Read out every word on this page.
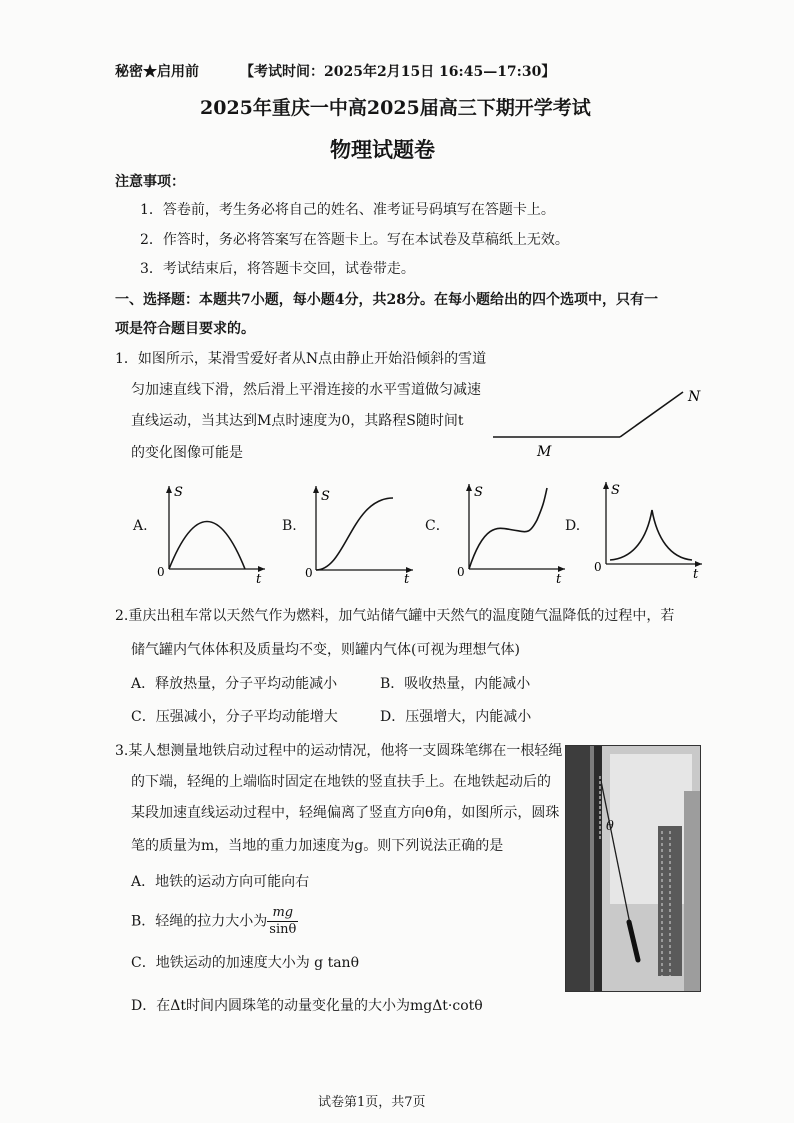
秘密★启用前	【考试时间：2025年2月15日 16:45—17:30】
2025年重庆一中高2025届高三下期开学考试
物理试题卷
注意事项：
1．答卷前，考生务必将自己的姓名、准考证号码填写在答题卡上。
2．作答时，务必将答案写在答题卡上。写在本试卷及草稿纸上无效。
3．考试结束后，将答题卡交回，试卷带走。
一、选择题：本题共7小题，每小题4分，共28分。在每小题给出的四个选项中，只有一
项是符合题目要求的。
1．如图所示，某滑雪爱好者从N点由静止开始沿倾斜的雪道
匀加速直线下滑，然后滑上平滑连接的水平雪道做匀减速
直线运动，当其达到M点时速度为0，其路程S随时间t
的变化图像可能是
N
M
A.
S
t
0
B.
S
t
0
C．
S
t
0
D.
S
t
0
2.重庆出租车常以天然气作为燃料，加气站储气罐中天然气的温度随气温降低的过程中，若
储气罐内气体体积及质量均不变，则罐内气体(可视为理想气体)
A．释放热量，分子平均动能减小	B．吸收热量，内能减小
C．压强减小，分子平均动能增大	D．压强增大，内能减小
3.某人想测量地铁启动过程中的运动情况，他将一支圆珠笔绑在一根轻绳
的下端，轻绳的上端临时固定在地铁的竖直扶手上。在地铁起动后的
某段加速直线运动过程中，轻绳偏离了竖直方向θ角，如图所示，圆珠
笔的质量为m，当地的重力加速度为g。则下列说法正确的是
A．地铁的运动方向可能向右
B．轻绳的拉力大小为 $\frac{mg}{\sin\theta}$
C．地铁运动的加速度大小为 g tanθ
D．在Δt时间内圆珠笔的动量变化量的大小为mgΔt·cotθ
θ
试卷第1页，共7页
